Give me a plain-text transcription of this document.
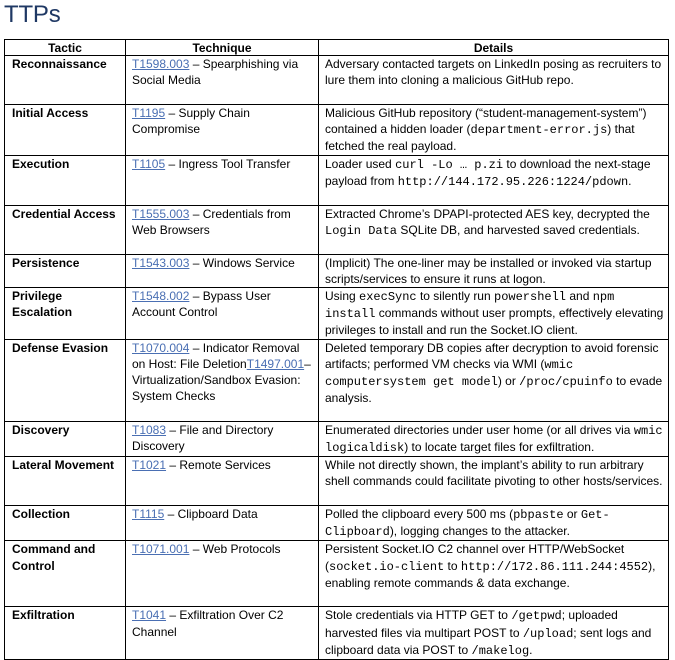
TTPs
Tactic	Technique	Details
Reconnaissance	T1598.003 – Spearphishing via Social Media	Adversary contacted targets on LinkedIn posing as recruiters to lure them into cloning a malicious GitHub repo.
Initial Access	T1195 – Supply Chain Compromise	Malicious GitHub repository (“student-management-system”) contained a hidden loader (department-error.js) that fetched the real payload.
Execution	T1105 – Ingress Tool Transfer	Loader used curl -Lo … p.zi to download the next-stage payload from http://144.172.95.226:1224/pdown.
Credential Access	T1555.003 – Credentials from Web Browsers	Extracted Chrome’s DPAPI-protected AES key, decrypted the Login Data SQLite DB, and harvested saved credentials.
Persistence	T1543.003 – Windows Service	(Implicit) The one-liner may be installed or invoked via startup scripts/services to ensure it runs at logon.
Privilege Escalation	T1548.002 – Bypass User Account Control	Using execSync to silently run powershell and npm install commands without user prompts, effectively elevating privileges to install and run the Socket.IO client.
Defense Evasion	T1070.004 – Indicator Removal on Host: File DeletionT1497.001– Virtualization/Sandbox Evasion: System Checks	Deleted temporary DB copies after decryption to avoid forensic artifacts; performed VM checks via WMI (wmic computersystem get model) or /proc/cpuinfo to evade analysis.
Discovery	T1083 – File and Directory Discovery	Enumerated directories under user home (or all drives via wmic logicaldisk) to locate target files for exfiltration.
Lateral Movement	T1021 – Remote Services	While not directly shown, the implant’s ability to run arbitrary shell commands could facilitate pivoting to other hosts/services.
Collection	T1115 – Clipboard Data	Polled the clipboard every 500 ms (pbpaste or Get-Clipboard), logging changes to the attacker.
Command and Control	T1071.001 – Web Protocols	Persistent Socket.IO C2 channel over HTTP/WebSocket (socket.io-client to http://172.86.111.244:4552), enabling remote commands & data exchange.
Exfiltration	T1041 – Exfiltration Over C2 Channel	Stole credentials via HTTP GET to /getpwd; uploaded harvested files via multipart POST to /upload; sent logs and clipboard data via POST to /makelog.
